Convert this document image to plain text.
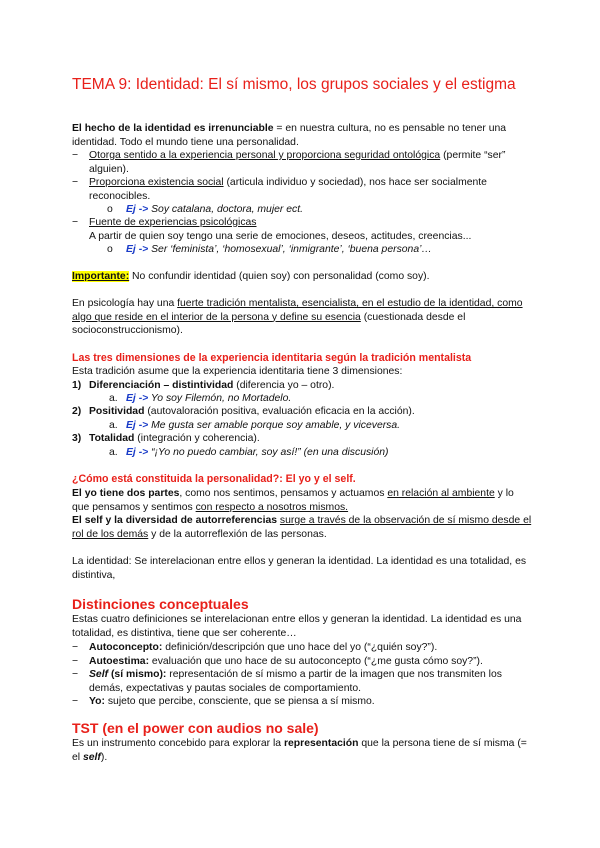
TEMA 9: Identidad: El sí mismo, los grupos sociales y el estigma
El hecho de la identidad es irrenunciable = en nuestra cultura, no es pensable no tener una identidad. Todo el mundo tiene una personalidad.
−	Otorga sentido a la experiencia personal y proporciona seguridad ontológica (permite “ser” alguien).
−	Proporciona existencia social (articula individuo y sociedad), nos hace ser socialmente reconocibles.
o Ej -> Soy catalana, doctora, mujer ect.
−	Fuente de experiencias psicológicas
A partir de quien soy tengo una serie de emociones, deseos, actitudes, creencias...
o Ej -> Ser ‘feminista’, ‘homosexual’, ‘inmigrante’, ‘buena persona’…
Importante: No confundir identidad (quien soy) con personalidad (como soy).
En psicología hay una fuerte tradición mentalista, esencialista, en el estudio de la identidad, como algo que reside en el interior de la persona y define su esencia (cuestionada desde el socioconstruccionismo).
Las tres dimensiones de la experiencia identitaria según la tradición mentalista
Esta tradición asume que la experiencia identitaria tiene 3 dimensiones:
1) Diferenciación – distintividad (diferencia yo – otro).
a. Ej -> Yo soy Filemón, no Mortadelo.
2) Positividad (autovaloración positiva, evaluación eficacia en la acción).
a. Ej -> Me gusta ser amable porque soy amable, y viceversa.
3) Totalidad (integración y coherencia).
a. Ej -> “¡Yo no puedo cambiar, soy así!” (en una discusión)
¿Cómo está constituida la personalidad?: El yo y el self.
El yo tiene dos partes, como nos sentimos, pensamos y actuamos en relación al ambiente y lo que pensamos y sentimos con respecto a nosotros mismos.
El self y la diversidad de autorreferencias surge a través de la observación de sí mismo desde el rol de los demás y de la autorreflexión de las personas.
La identidad: Se interelacionan entre ellos y generan la identidad. La identidad es una totalidad, es distintiva,
Distinciones conceptuales
Estas cuatro definiciones se interelacionan entre ellos y generan la identidad. La identidad es una totalidad, es distintiva, tiene que ser coherente…
−	Autoconcepto: definición/descripción que uno hace del yo (“¿quién soy?”).
−	Autoestima: evaluación que uno hace de su autoconcepto (“¿me gusta cómo soy?”).
−	Self (sí mismo): representación de sí mismo a partir de la imagen que nos transmiten los demás, expectativas y pautas sociales de comportamiento.
−	Yo: sujeto que percibe, consciente, que se piensa a sí mismo.
TST (en el power con audios no sale)
Es un instrumento concebido para explorar la representación que la persona tiene de sí misma (= el self).
